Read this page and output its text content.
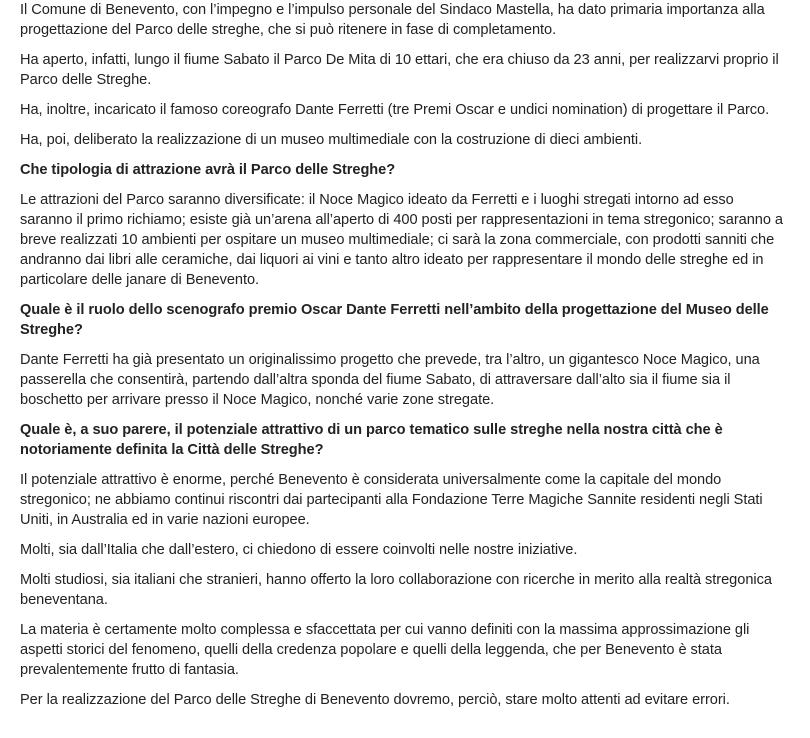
Il Comune di Benevento, con l’impegno e l’impulso personale del Sindaco Mastella, ha dato primaria importanza alla progettazione del Parco delle streghe, che si può ritenere in fase di completamento.

Ha aperto, infatti, lungo il fiume Sabato il Parco De Mita di 10 ettari, che era chiuso da 23 anni, per realizzarvi proprio il Parco delle Streghe.

Ha, inoltre, incaricato il famoso coreografo Dante Ferretti (tre Premi Oscar e undici nomination) di progettare il Parco.

Ha, poi, deliberato la realizzazione di un museo multimediale con la costruzione di dieci ambienti.

Che tipologia di attrazione avrà il Parco delle Streghe?

Le attrazioni del Parco saranno diversificate: il Noce Magico ideato da Ferretti e i luoghi stregati intorno ad esso saranno il primo richiamo; esiste già un’arena all’aperto di 400 posti per rappresentazioni in tema stregonico; saranno a breve realizzati 10 ambienti per ospitare un museo multimediale; ci sarà la zona commerciale, con prodotti sanniti che andranno dai libri alle ceramiche, dai liquori ai vini e tanto altro ideato per rappresentare il mondo delle streghe ed in particolare delle janare di Benevento.

Quale è il ruolo dello scenografo premio Oscar Dante Ferretti nell’ambito della progettazione del Museo delle Streghe?

Dante Ferretti ha già presentato un originalissimo progetto che prevede, tra l’altro, un gigantesco Noce Magico, una passerella che consentirà, partendo dall’altra sponda del fiume Sabato, di attraversare dall’alto sia il fiume sia il boschetto per arrivare presso il Noce Magico, nonché varie zone stregate.

Quale è, a suo parere, il potenziale attrattivo di un parco tematico sulle streghe nella nostra città che è notoriamente definita la Città delle Streghe?

Il potenziale attrattivo è enorme, perché Benevento è considerata universalmente come la capitale del mondo stregonico; ne abbiamo continui riscontri dai partecipanti alla Fondazione Terre Magiche Sannite residenti negli Stati Uniti, in Australia ed in varie nazioni europee.

Molti, sia dall’Italia che dall’estero, ci chiedono di essere coinvolti nelle nostre iniziative.

Molti studiosi, sia italiani che stranieri, hanno offerto la loro collaborazione con ricerche in merito alla realtà stregonica beneventana.

La materia è certamente molto complessa e sfaccettata per cui vanno definiti con la massima approssimazione gli aspetti storici del fenomeno, quelli della credenza popolare e quelli della leggenda, che per Benevento è stata prevalentemente frutto di fantasia.

Per la realizzazione del Parco delle Streghe di Benevento dovremo, perciò, stare molto attenti ad evitare errori.
